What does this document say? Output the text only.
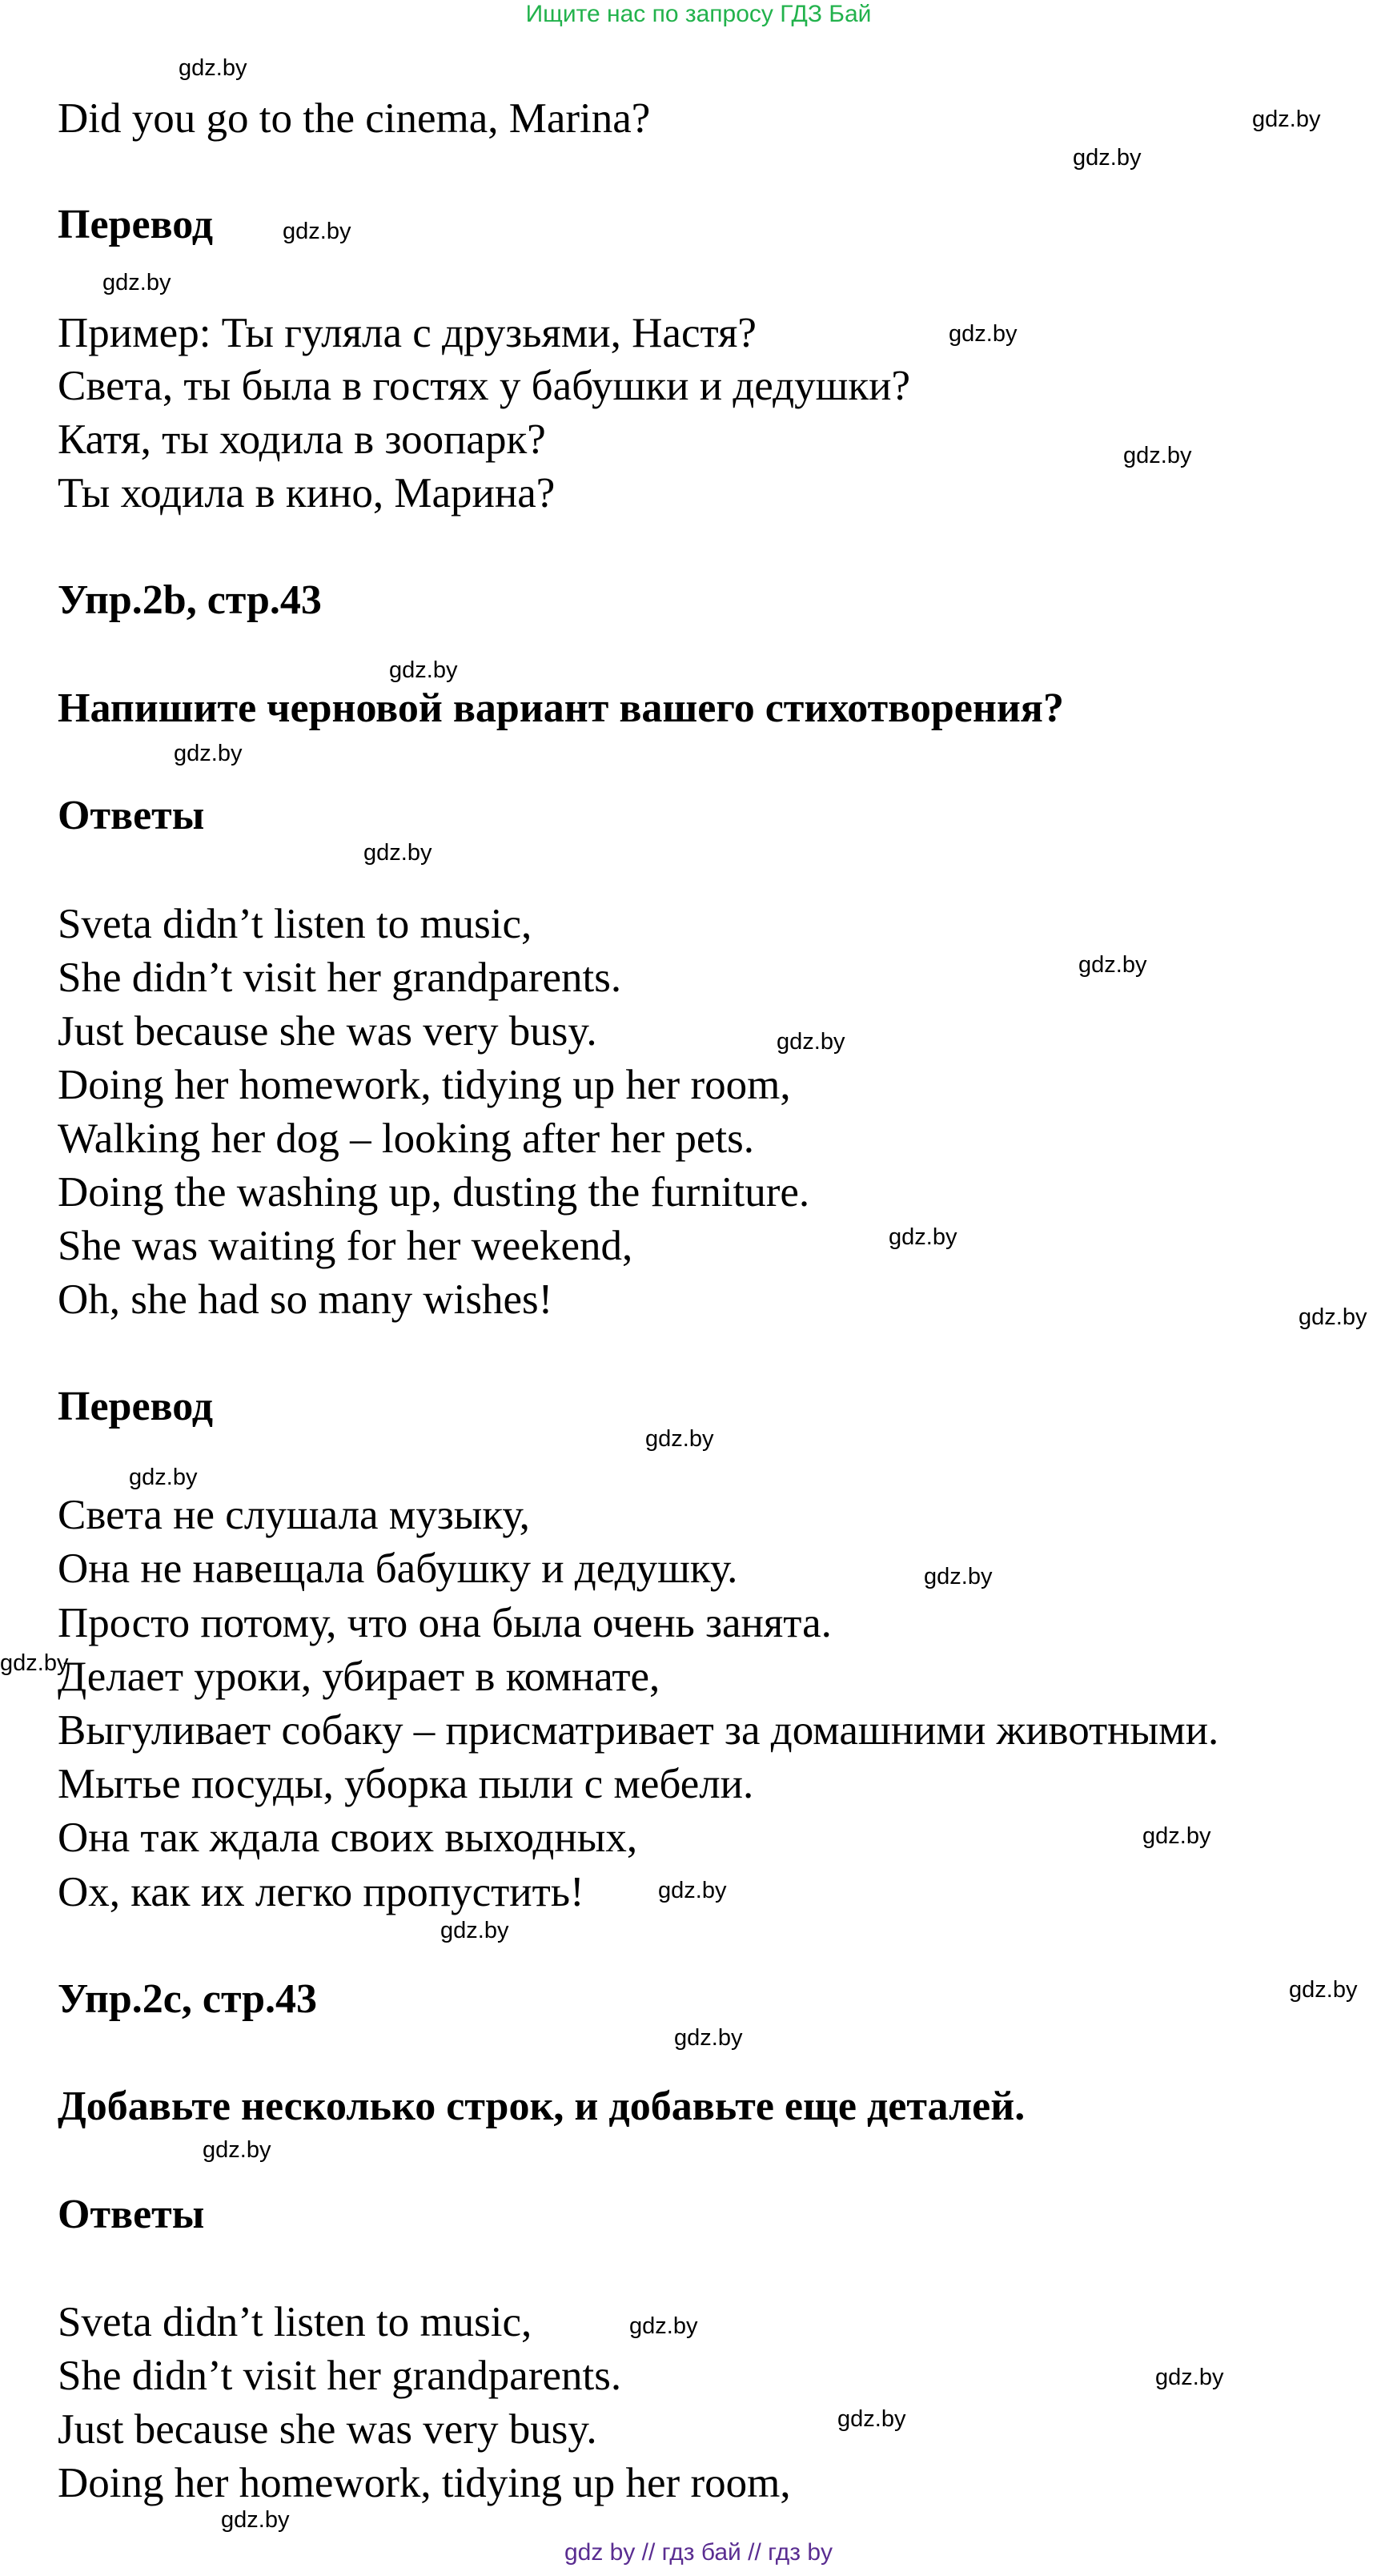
Ищите нас по запросу ГДЗ Бай
Did you go to the cinema, Marina?
Перевод
Пример: Ты гуляла с друзьями, Настя?
Света, ты была в гостях у бабушки и дедушки?
Катя, ты ходила в зоопарк?
Ты ходила в кино, Марина?
Упр.2b, стр.43
Напишите черновой вариант вашего стихотворения?
Ответы
Sveta didn’t listen to music,
She didn’t visit her grandparents.
Just because she was very busy.
Doing her homework, tidying up her room,
Walking her dog – looking after her pets.
Doing the washing up, dusting the furniture.
She was waiting for her weekend,
Oh, she had so many wishes!
Перевод
Света не слушала музыку,
Она не навещала бабушку и дедушку.
Просто потому, что она была очень занята.
Делает уроки, убирает в комнате,
Выгуливает собаку – присматривает за домашними животными.
Мытье посуды, уборка пыли с мебели.
Она так ждала своих выходных,
Ох, как их легко пропустить!
Упр.2c, стр.43
Добавьте несколько строк, и добавьте еще деталей.
Ответы
Sveta didn’t listen to music,
She didn’t visit her grandparents.
Just because she was very busy.
Doing her homework, tidying up her room,
gdz.by
gdz.by
gdz.by
gdz.by
gdz.by
gdz.by
gdz.by
gdz.by
gdz.by
gdz.by
gdz.by
gdz.by
gdz.by
gdz.by
gdz.by
gdz.by
gdz.by
gdz.by
gdz.by
gdz.by
gdz.by
gdz.by
gdz.by
gdz.by
gdz.by
gdz.by
gdz.by
gdz.by
gdz by // гдз бай // гдз by
